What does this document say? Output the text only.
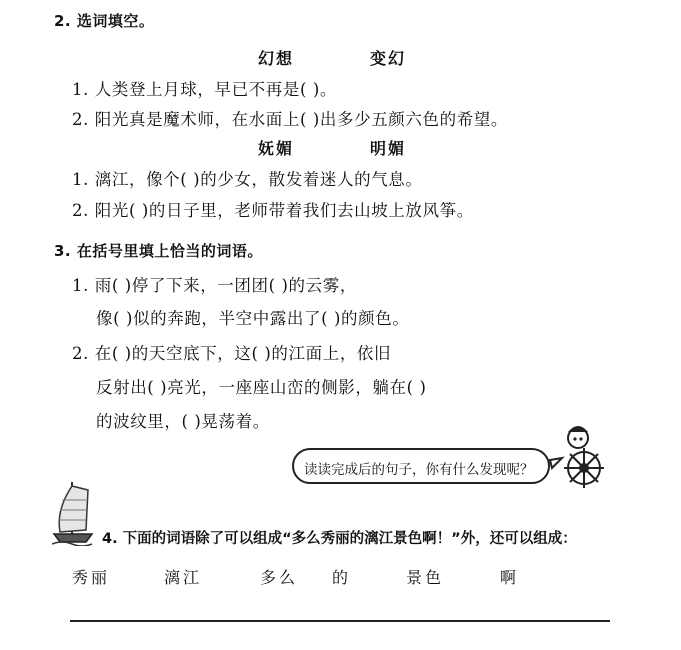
2. 选词填空。
幻想	变幻
1. 人类登上月球，早已不再是( )。
2. 阳光真是魔术师，在水面上( )出多少五颜六色的希望。
妩媚	明媚
1. 漓江，像个( )的少女，散发着迷人的气息。
2. 阳光( )的日子里，老师带着我们去山坡上放风筝。
3. 在括号里填上恰当的词语。
1. 雨( )停了下来，一团团( )的云雾，
像( )似的奔跑，半空中露出了( )的颜色。
2. 在( )的天空底下，这( )的江面上，依旧
反射出( )亮光，一座座山峦的侧影，躺在( )
的波纹里，( )晃荡着。
读读完成后的句子，你有什么发现呢？
4. 下面的词语除了可以组成“多么秀丽的漓江景色啊！”外，还可以组成：
秀丽	漓江	多么 的	景色	啊
